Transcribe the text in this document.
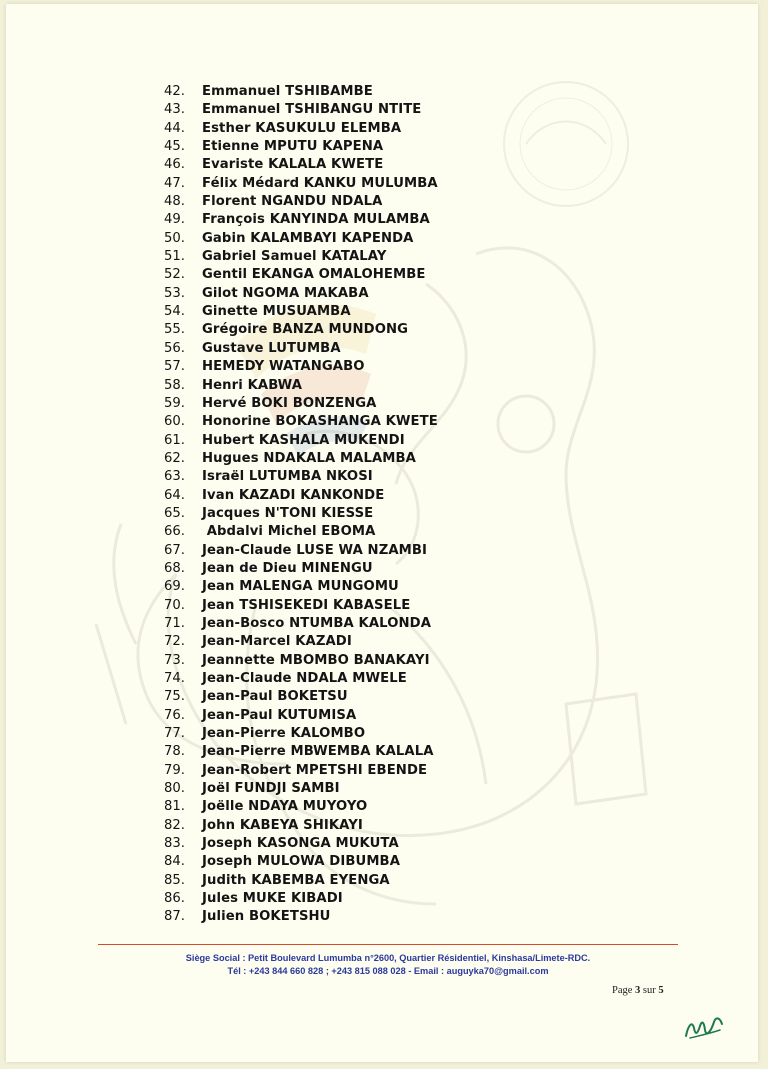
42. Emmanuel TSHIBAMBE
43. Emmanuel TSHIBANGU NTITE
44. Esther KASUKULU ELEMBA
45. Etienne MPUTU KAPENA
46. Evariste KALALA KWETE
47. Félix Médard KANKU MULUMBA
48. Florent NGANDU NDALA
49. François KANYINDA MULAMBA
50. Gabin KALAMBAYI KAPENDA
51. Gabriel Samuel KATALAY
52. Gentil EKANGA OMALOHEMBE
53. Gilot NGOMA MAKABA
54. Ginette MUSUAMBA
55. Grégoire BANZA MUNDONG
56. Gustave LUTUMBA
57. HEMEDY WATANGABO
58. Henri KABWA
59. Hervé BOKI BONZENGA
60. Honorine BOKASHANGA KWETE
61. Hubert KASHALA MUKENDI
62. Hugues NDAKALA MALAMBA
63. Israël LUTUMBA NKOSI
64. Ivan KAZADI KANKONDE
65. Jacques N'TONI KIESSE
66. Abdalvi Michel EBOMA
67. Jean-Claude LUSE WA NZAMBI
68. Jean de Dieu MINENGU
69. Jean MALENGA MUNGOMU
70. Jean TSHISEKEDI KABASELE
71. Jean-Bosco NTUMBA KALONDA
72. Jean-Marcel KAZADI
73. Jeannette MBOMBO BANAKAYI
74. Jean-Claude NDALA MWELE
75. Jean-Paul BOKETSU
76. Jean-Paul KUTUMISA
77. Jean-Pierre KALOMBO
78. Jean-Pierre MBWEMBA KALALA
79. Jean-Robert MPETSHI EBENDE
80. Joël FUNDJI SAMBI
81. Joëlle NDAYA MUYOYO
82. John KABEYA SHIKAYI
83. Joseph KASONGA MUKUTA
84. Joseph MULOWA DIBUMBA
85. Judith KABEMBA EYENGA
86. Jules MUKE KIBADI
87. Julien BOKETSHU
Siège Social : Petit Boulevard Lumumba n°2600, Quartier Résidentiel, Kinshasa/Limete-RDC.
Tél : +243 844 660 828 ; +243 815 088 028 - Email : auguyka70@gmail.com
Page 3 sur 5
